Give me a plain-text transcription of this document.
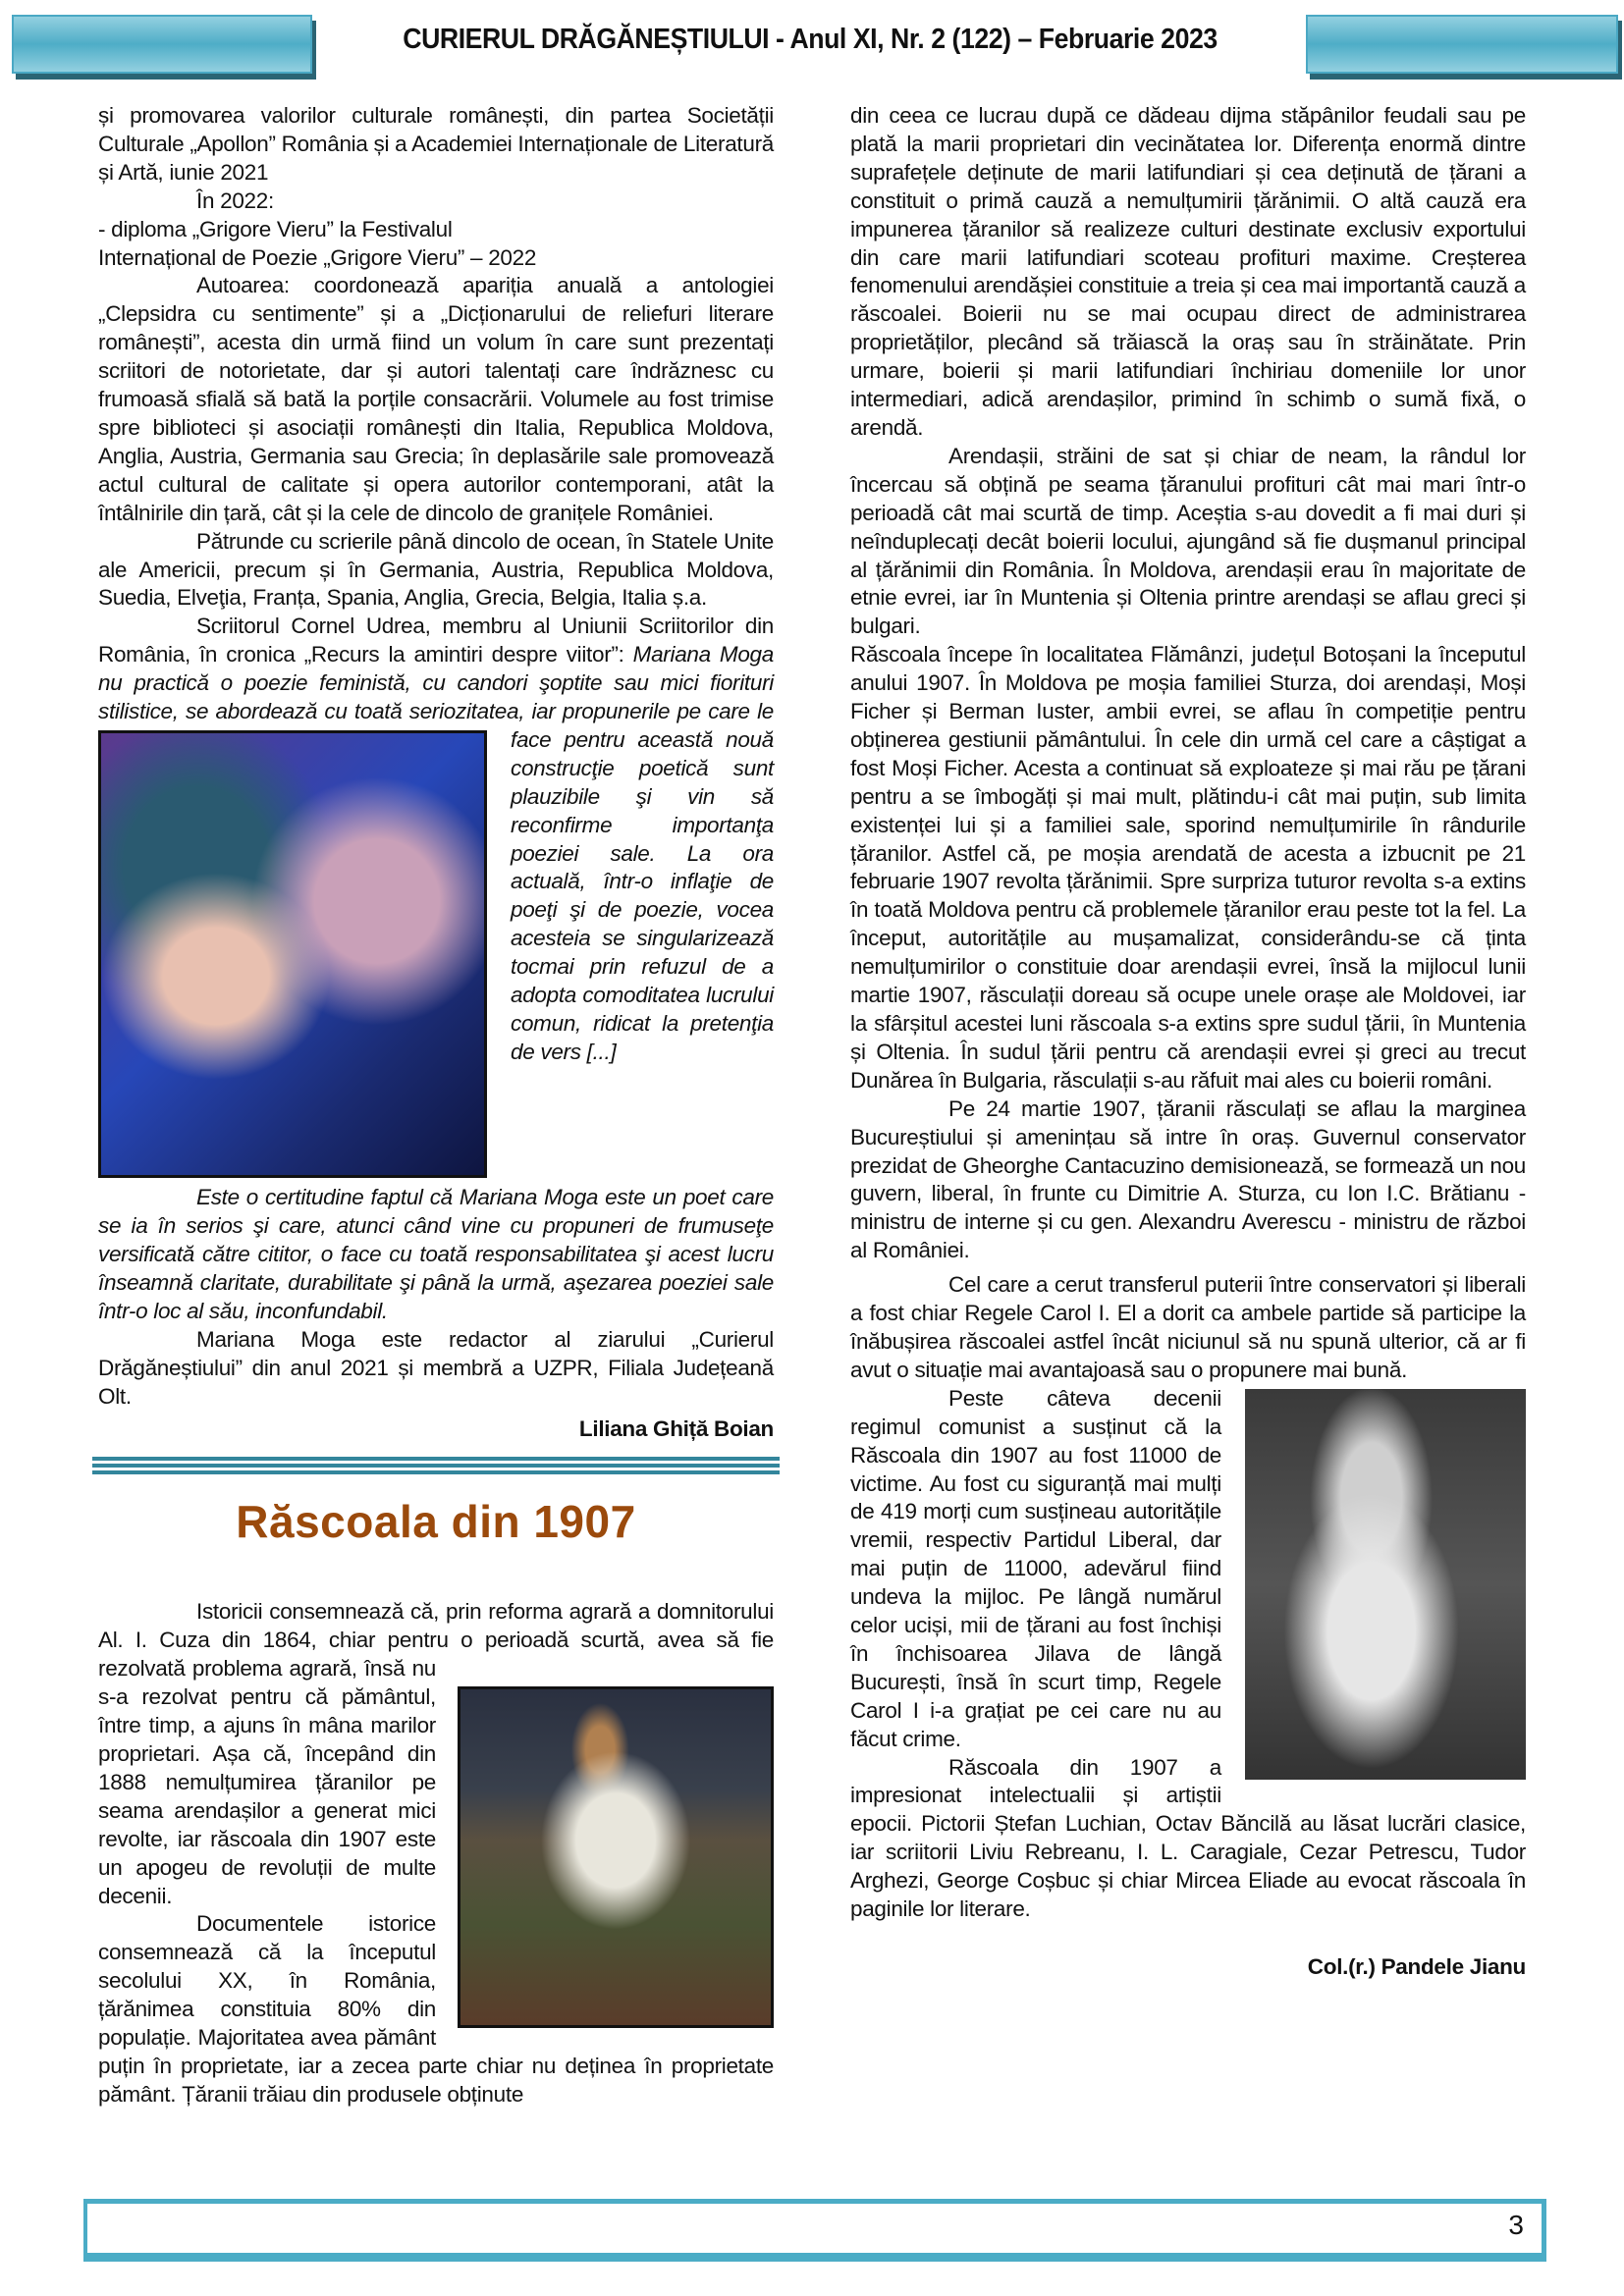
CURIERUL DRĂGĂNEȘTIULUI - Anul XI, Nr. 2 (122) – Februarie 2023

și promovarea valorilor culturale românești, din partea Societății Culturale „Apollon” România și a Academiei Internaționale de Literatură și Artă, iunie 2021

În 2022:

- diploma „Grigore Vieru” la Festivalul

Internațional de Poezie „Grigore Vieru” – 2022

Autoarea: coordonează apariția anuală a antologiei „Clepsidra cu sentimente” și a „Dicționarului de reliefuri literare românești”, acesta din urmă fiind un volum în care sunt prezentați scriitori de notorietate, dar și autori talentați care îndrăznesc cu frumoasă sfială să bată la porțile consacrării. Volumele au fost trimise spre biblioteci și asociații românești din Italia, Republica Moldova, Anglia, Austria, Germania sau Grecia; în deplasările sale promovează actul cultural de calitate și opera autorilor contemporani, atât la întâlnirile din țară, cât și la cele de dincolo de granițele României.

Pătrunde cu scrierile până dincolo de ocean, în Statele Unite ale Americii, precum și în Germania, Austria, Republica Moldova, Suedia, Elveţia, Franța, Spania, Anglia, Grecia, Belgia, Italia ș.a.

Scriitorul Cornel Udrea, membru al Uniunii Scriitorilor din România, în cronica „Recurs la amintiri despre viitor”: Mariana Moga nu practică o poezie feministă, cu candori şoptite sau mici fioriturі stilistice, se abordează cu toată seriozitatea, iar propunerile pe care le face pentru această nouă construcţie poetică sunt plauzibile şi vin să reconfirme importanţa poeziei sale. La ora actuală, într-o inflaţie de poeţi şi de poezie, vocea acesteia se singularizează tocmai prin refuzul de a adopta comoditatea lucrului comun, ridicat la pretenţia de vers [...]

Este o certitudine faptul că Mariana Moga este un poet care se ia în serios şi care, atunci când vine cu propuneri de frumuseţe versificată către cititor, o face cu toată responsabilitatea şi acest lucru înseamnă claritate, durabilitate şi până la urmă, aşezarea poeziei sale într-o loc al său, inconfundabil.

Mariana Moga este redactor al ziarului „Curierul Drăgăneștiului” din anul 2021 și membră a UZPR, Filiala Județeană Olt.

Liliana Ghiță Boian

Răscoala din 1907

Istoricii consemnează că, prin reforma agrară a domnitorului Al. I. Cuza din 1864, chiar pentru o perioadă scurtă, avea să fie rezolvată problema agrară, însă nu s-a rezolvat pentru că pământul, între timp, a ajuns în mâna marilor proprietari. Așa că, începând din 1888 nemulțumirea țăranilor pe seama arendașilor a generat mici revolte, iar răscoala din 1907 este un apogeu de revoluții de multe decenii.

Documentele istorice consemnează că la începutul secolului XX, în România, țărănimea constituia 80% din populație. Majoritatea avea pământ puțin în proprietate, iar a zecea parte chiar nu deținea în proprietate pământ. Țăranii trăiau din produsele obținute

din ceea ce lucrau după ce dădeau dijma stăpânilor feudali sau pe plată la marii proprietari din vecinătatea lor. Diferența enormă dintre suprafețele deținute de marii latifundiari și cea deținută de țărani a constituit o primă cauză a nemulțumirii țărănimii. O altă cauză era impunerea țăranilor să realizeze culturi destinate exclusiv exportului din care marii latifundiari scoteau profituri maxime. Creșterea fenomenului arendășiei constituie a treia și cea mai importantă cauză a răscoalei. Boierii nu se mai ocupau direct de administrarea proprietăților, plecând să trăiască la oraș sau în străinătate. Prin urmare, boierii și marii latifundiari închiriau domeniile lor unor intermediari, adică arendașilor, primind în schimb o sumă fixă, o arendă.

Arendașii, străini de sat și chiar de neam, la rândul lor încercau să obțină pe seama țăranului profituri cât mai mari într-o perioadă cât mai scurtă de timp. Aceștia s-au dovedit a fi mai duri și neînduplecați decât boierii locului, ajungând să fie dușmanul principal al țărănimii din România. În Moldova, arendașii erau în majoritate de etnie evrei, iar în Muntenia și Oltenia printre arendași se aflau greci și bulgari.

Răscoala începe în localitatea Flămânzi, județul Botoșani la începutul anului 1907. În Moldova pe moșia familiei Sturza, doi arendași, Moși Ficher și Berman Iuster, ambii evrei, se aflau în competiție pentru obținerea gestiunii pământului. În cele din urmă cel care a câștigat a fost Moși Ficher. Acesta a continuat să exploateze și mai rău pe țărani pentru a se îmbogăți și mai mult, plătindu-i cât mai puțin, sub limita existenței lui și a familiei sale, sporind nemulțumirile în rândurile țăranilor. Astfel că, pe moșia arendată de acesta a izbucnit pe 21 februarie 1907 revolta țărănimii. Spre surpriza tuturor revolta s-a extins în toată Moldova pentru că problemele țăranilor erau peste tot la fel. La început, autoritățile au mușamalizat, considerându-se că ținta nemulțumirilor o constituie doar arendașii evrei, însă la mijlocul lunii martie 1907, răsculații doreau să ocupe unele orașe ale Moldovei, iar la sfârșitul acestei luni răscoala s-a extins spre sudul țării, în Muntenia și Oltenia. În sudul țării pentru că arendașii evrei și greci au trecut Dunărea în Bulgaria, răsculații s-au răfuit mai ales cu boierii români.

Pe 24 martie 1907, țăranii răsculați se aflau la marginea Bucureștiului și amenințau să intre în oraș. Guvernul conservator prezidat de Gheorghe Cantacuzino demisionează, se formează un nou guvern, liberal, în frunte cu Dimitrie A. Sturza, cu Ion I.C. Brătianu - ministru de interne și cu gen. Alexandru Averescu - ministru de război al României.

Cel care a cerut transferul puterii între conservatori și liberali a fost chiar Regele Carol I. El a dorit ca ambele partide să participe la înăbușirea răscoalei astfel încât niciunul să nu spună ulterior, că ar fi avut o situație mai avantajoasă sau o propunere mai bună.

Peste câteva decenii regimul comunist a susținut că la Răscoala din 1907 au fost 11000 de victime. Au fost cu siguranță mai mulți de 419 morți cum susțineau autoritățile vremii, respectiv Partidul Liberal, dar mai puțin de 11000, adevărul fiind undeva la mijloc. Pe lângă numărul celor uciși, mii de țărani au fost închiși în închisoarea Jilava de lângă București, însă în scurt timp, Regele Carol I i-a grațiat pe cei care nu au făcut crime.

Răscoala din 1907 a impresionat intelectualii și artiștii epocii. Pictorii Ștefan Luchian, Octav Băncilă au lăsat lucrări clasice, iar scriitorii Liviu Rebreanu, I. L. Caragiale, Cezar Petrescu, Tudor Arghezi, George Coșbuc și chiar Mircea Eliade au evocat răscoala în paginile lor literare.

Col.(r.) Pandele Jianu

3
